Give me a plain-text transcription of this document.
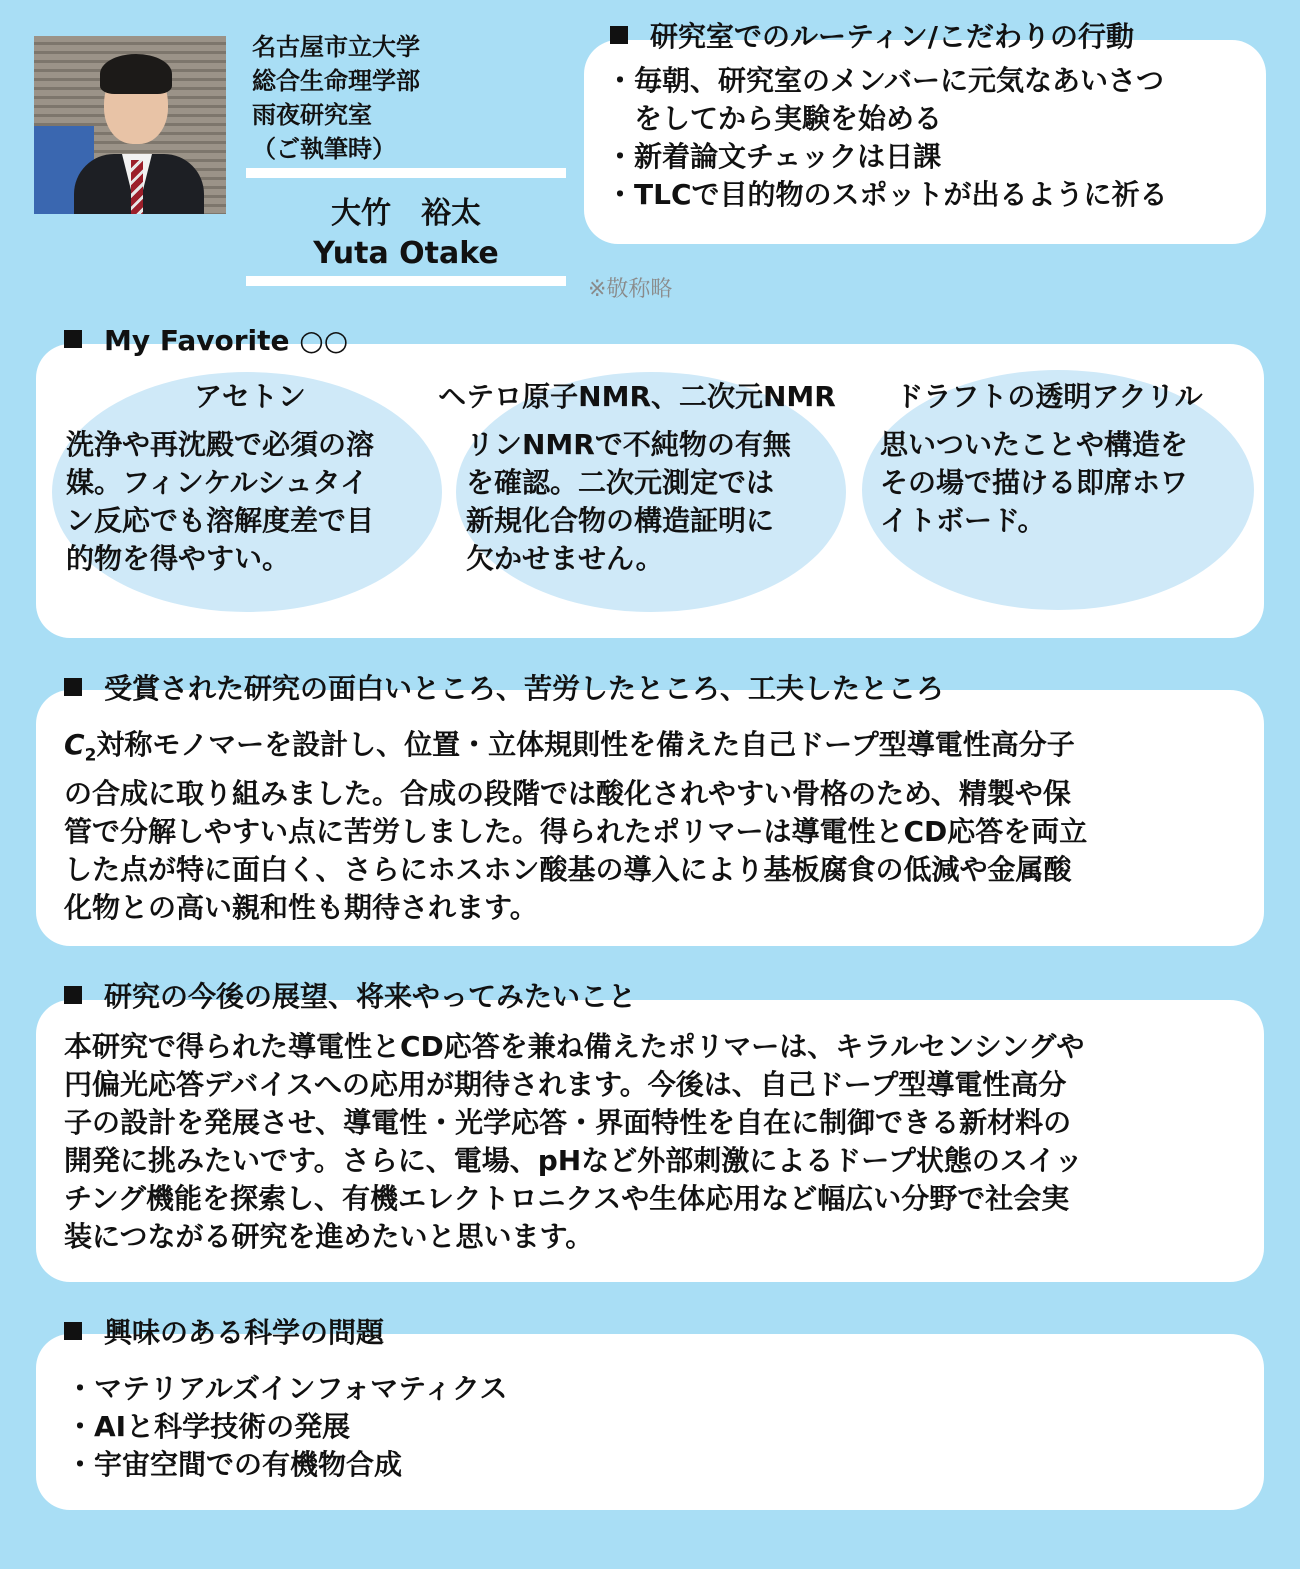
名古屋市立大学
総合生命理学部
雨夜研究室
（ご執筆時）
大竹　裕太
Yuta Otake
※敬称略
研究室でのルーティン/こだわりの行動
・毎朝、研究室のメンバーに元気なあいさつ
　をしてから実験を始める
・新着論文チェックは日課
・TLCで目的物のスポットが出るように祈る
My Favorite ○○
アセトン	ヘテロ原子NMR、二次元NMR	ドラフトの透明アクリル
洗浄や再沈殿で必須の溶
媒。フィンケルシュタイ
ン反応でも溶解度差で目
的物を得やすい。
リンNMRで不純物の有無
を確認。二次元測定では
新規化合物の構造証明に
欠かせません。
思いついたことや構造を
その場で描ける即席ホワ
イトボード。
受賞された研究の面白いところ、苦労したところ、工夫したところ
$C_2$対称モノマーを設計し、位置・立体規則性を備えた自己ドープ型導電性高分子
の合成に取り組みました。合成の段階では酸化されやすい骨格のため、精製や保
管で分解しやすい点に苦労しました。得られたポリマーは導電性とCD応答を両立
した点が特に面白く、さらにホスホン酸基の導入により基板腐食の低減や金属酸
化物との高い親和性も期待されます。
研究の今後の展望、将来やってみたいこと
本研究で得られた導電性とCD応答を兼ね備えたポリマーは、キラルセンシングや
円偏光応答デバイスへの応用が期待されます。今後は、自己ドープ型導電性高分
子の設計を発展させ、導電性・光学応答・界面特性を自在に制御できる新材料の
開発に挑みたいです。さらに、電場、pHなど外部刺激によるドープ状態のスイッ
チング機能を探索し、有機エレクトロニクスや生体応用など幅広い分野で社会実
装につながる研究を進めたいと思います。
興味のある科学の問題
・マテリアルズインフォマティクス
・AIと科学技術の発展
・宇宙空間での有機物合成
